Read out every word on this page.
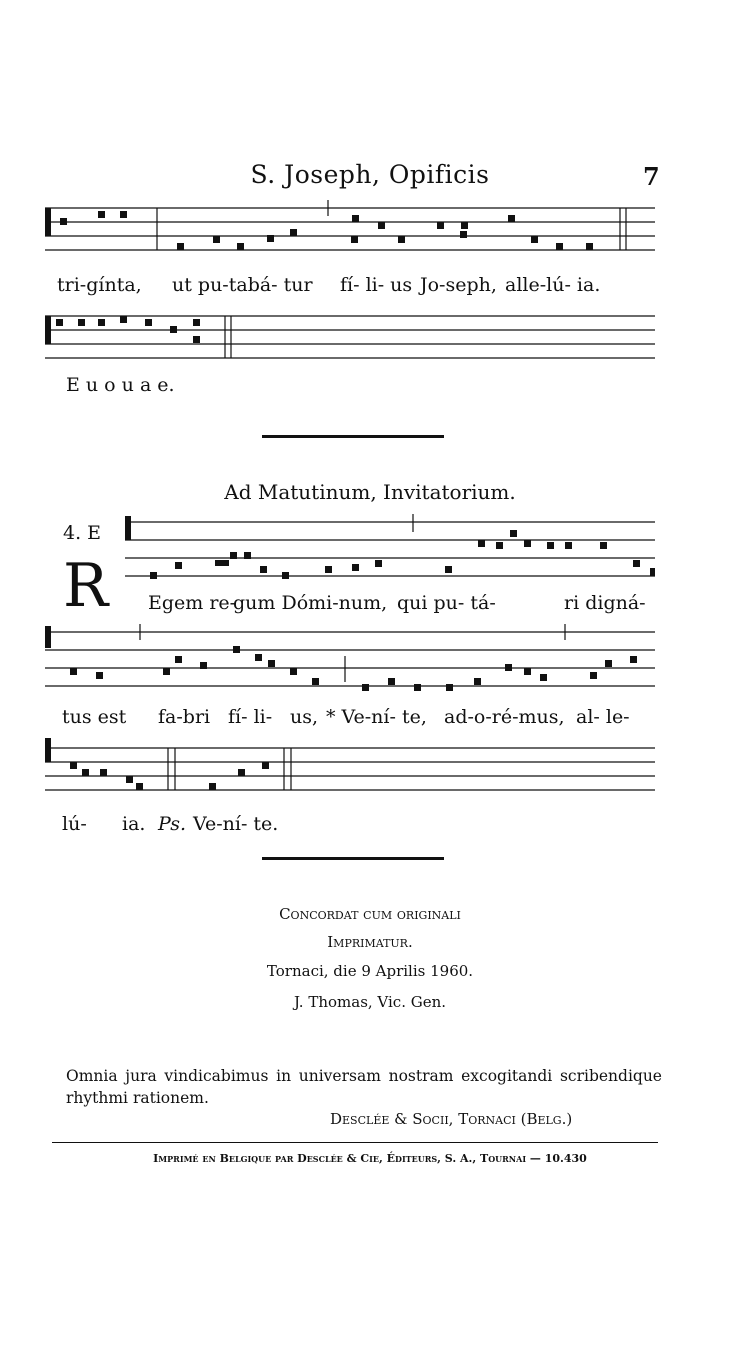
S. Joseph, Opificis	7
tri-gínta, ut pu-tabá- tur fí- li- us Jo-seph, alle-lú- ia.
E u o u a e.
Ad Matutinum, Invitatorium.
4. E
R Egem re-
gum Dómi-num, qui pu- tá-	ri digná-
tus est fa-bri fí- li- us, * Ve-ní- te, ad-o-ré-mus, al- le-
lú- ia. Ps. Ve-ní- te.
Concordat cum originali
Imprimatur.
Tornaci, die 9 Aprilis 1960.
J. Thomas, Vic. Gen.
Omnia jura vindicabimus in universam nostram excogitandi scribendique rhythmi rationem.
Desclée & Socii, Tornaci (Belg.)
Imprimé en Belgique par Desclée & Cie, Éditeurs, S. A., Tournai — 10.430
